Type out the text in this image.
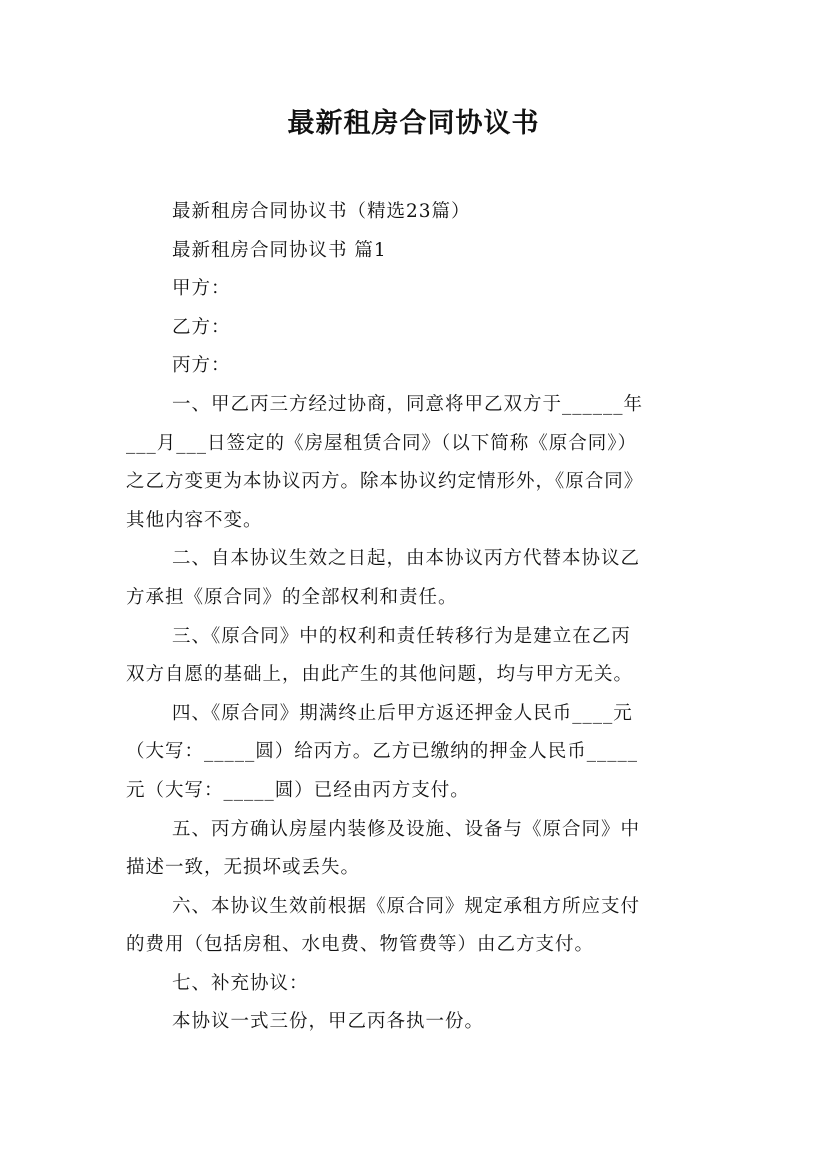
最新租房合同协议书
最新租房合同协议书（精选23篇）
最新租房合同协议书 篇1
甲方：
乙方：
丙方：
一、甲乙丙三方经过协商，同意将甲乙双方于______年
___月___日签定的《房屋租赁合同》（以下简称《原合同》）
之乙方变更为本协议丙方。除本协议约定情形外，《原合同》
其他内容不变。
二、自本协议生效之日起，由本协议丙方代替本协议乙
方承担《原合同》的全部权利和责任。
三、《原合同》中的权利和责任转移行为是建立在乙丙
双方自愿的基础上，由此产生的其他问题，均与甲方无关。
四、《原合同》期满终止后甲方返还押金人民币____元
（大写：_____圆）给丙方。乙方已缴纳的押金人民币_____
元（大写：_____圆）已经由丙方支付。
五、丙方确认房屋内装修及设施、设备与《原合同》中
描述一致，无损坏或丢失。
六、本协议生效前根据《原合同》规定承租方所应支付
的费用（包括房租、水电费、物管费等）由乙方支付。
七、补充协议：
本协议一式三份，甲乙丙各执一份。
